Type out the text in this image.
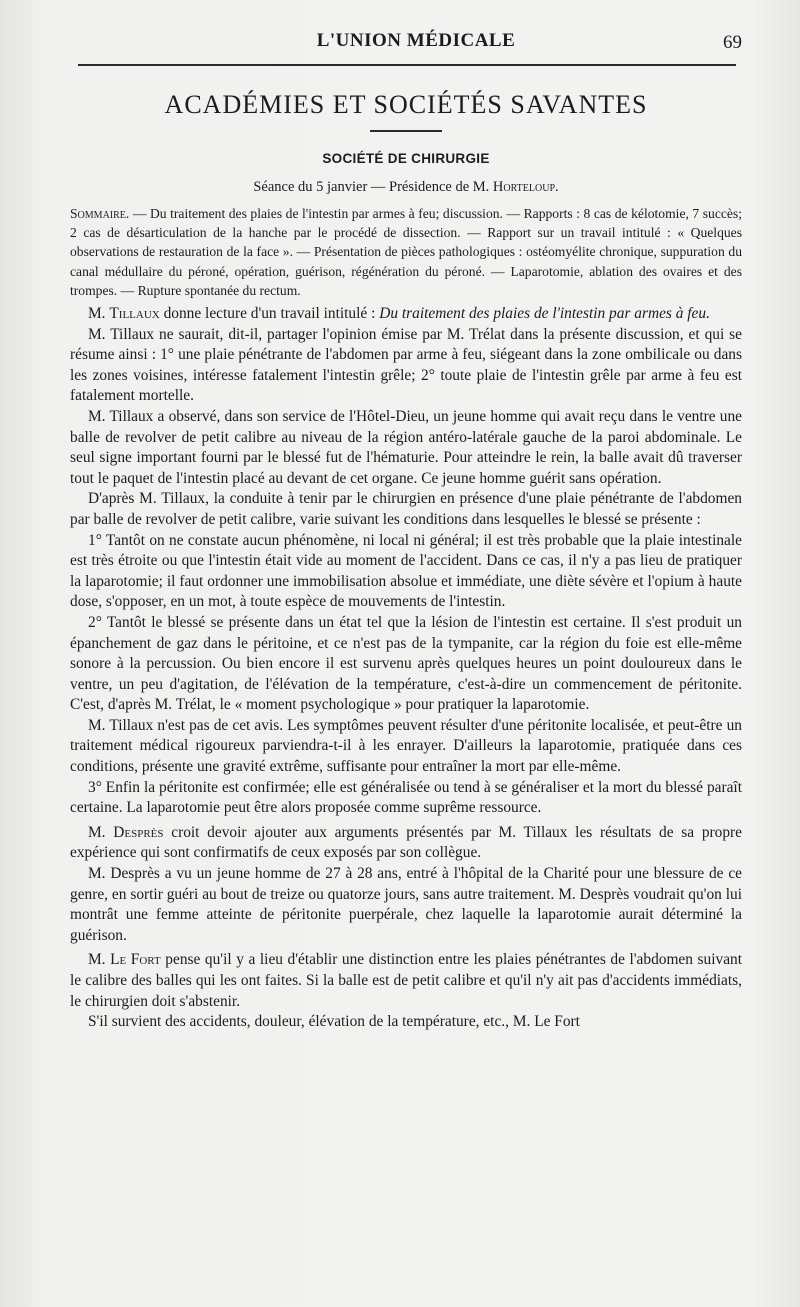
L'UNION MÉDICALE	69
ACADÉMIES ET SOCIÉTÉS SAVANTES
SOCIÉTÉ DE CHIRURGIE
Séance du 5 janvier — Présidence de M. Horteloup.
Sommaire. — Du traitement des plaies de l'intestin par armes à feu; discussion. — Rapports : 8 cas de kélotomie, 7 succès; 2 cas de désarticulation de la hanche par le procédé de dissection. — Rapport sur un travail intitulé : « Quelques observations de restauration de la face ». — Présentation de pièces pathologiques : ostéomyélite chronique, suppuration du canal médullaire du péroné, opération, guérison, régénération du péroné. — Laparotomie, ablation des ovaires et des trompes. — Rupture spontanée du rectum.

M. Tillaux donne lecture d'un travail intitulé : Du traitement des plaies de l'intestin par armes à feu.

M. Tillaux ne saurait, dit-il, partager l'opinion émise par M. Trélat dans la présente discussion, et qui se résume ainsi : 1° une plaie pénétrante de l'abdomen par arme à feu, siégeant dans la zone ombilicale ou dans les zones voisines, intéresse fatalement l'intestin grêle; 2° toute plaie de l'intestin grêle par arme à feu est fatalement mortelle.

M. Tillaux a observé, dans son service de l'Hôtel-Dieu, un jeune homme qui avait reçu dans le ventre une balle de revolver de petit calibre au niveau de la région antéro-latérale gauche de la paroi abdominale. Le seul signe important fourni par le blessé fut de l'hématurie. Pour atteindre le rein, la balle avait dû traverser tout le paquet de l'intestin placé au devant de cet organe. Ce jeune homme guérit sans opération.

D'après M. Tillaux, la conduite à tenir par le chirurgien en présence d'une plaie pénétrante de l'abdomen par balle de revolver de petit calibre, varie suivant les conditions dans lesquelles le blessé se présente :

1° Tantôt on ne constate aucun phénomène, ni local ni général; il est très probable que la plaie intestinale est très étroite ou que l'intestin était vide au moment de l'accident. Dans ce cas, il n'y a pas lieu de pratiquer la laparotomie; il faut ordonner une immobilisation absolue et immédiate, une diète sévère et l'opium à haute dose, s'opposer, en un mot, à toute espèce de mouvements de l'intestin.

2° Tantôt le blessé se présente dans un état tel que la lésion de l'intestin est certaine. Il s'est produit un épanchement de gaz dans le péritoine, et ce n'est pas de la tympanite, car la région du foie est elle-même sonore à la percussion. Ou bien encore il est survenu après quelques heures un point douloureux dans le ventre, un peu d'agitation, de l'élévation de la température, c'est-à-dire un commencement de péritonite. C'est, d'après M. Trélat, le « moment psychologique » pour pratiquer la laparotomie.

M. Tillaux n'est pas de cet avis. Les symptômes peuvent résulter d'une péritonite localisée, et peut-être un traitement médical rigoureux parviendra-t-il à les enrayer. D'ailleurs la laparotomie, pratiquée dans ces conditions, présente une gravité extrême, suffisante pour entraîner la mort par elle-même.

3° Enfin la péritonite est confirmée; elle est généralisée ou tend à se généraliser et la mort du blessé paraît certaine. La laparotomie peut être alors proposée comme suprême ressource.

M. Desprès croit devoir ajouter aux arguments présentés par M. Tillaux les résultats de sa propre expérience qui sont confirmatifs de ceux exposés par son collègue.

M. Desprès a vu un jeune homme de 27 à 28 ans, entré à l'hôpital de la Charité pour une blessure de ce genre, en sortir guéri au bout de treize ou quatorze jours, sans autre traitement. M. Desprès voudrait qu'on lui montrât une femme atteinte de péritonite puerpérale, chez laquelle la laparotomie aurait déterminé la guérison.

M. Le Fort pense qu'il y a lieu d'établir une distinction entre les plaies pénétrantes de l'abdomen suivant le calibre des balles qui les ont faites. Si la balle est de petit calibre et qu'il n'y ait pas d'accidents immédiats, le chirurgien doit s'abstenir.

S'il survient des accidents, douleur, élévation de la température, etc., M. Le Fort
